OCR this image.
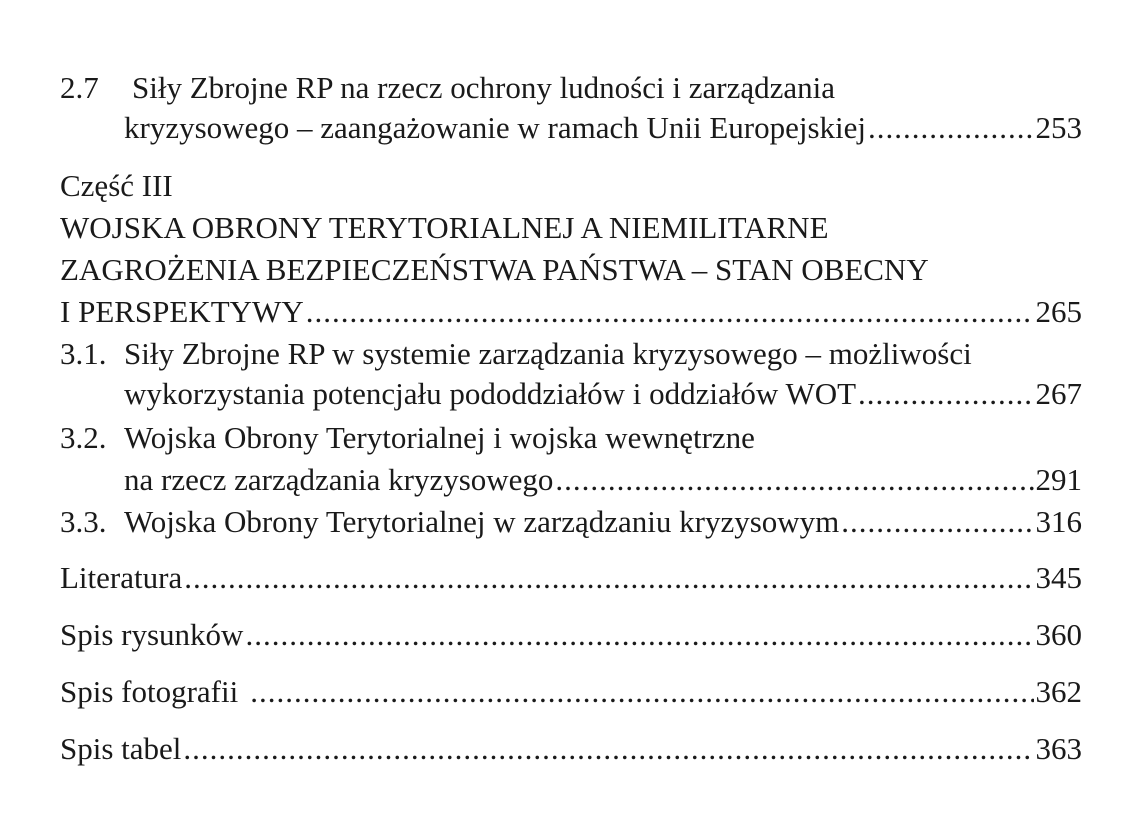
2.7	Siły Zbrojne RP na rzecz ochrony ludności i zarządzania
kryzysowego – zaangażowanie w ramach Unii Europejskiej .....	253
Część III
WOJSKA OBRONY TERYTORIALNEJ A NIEMILITARNE
ZAGROŻENIA BEZPIECZEŃSTWA PAŃSTWA – STAN OBECNY
I PERSPEKTYWY .....	265
3.1. Siły Zbrojne RP w systemie zarządzania kryzysowego – możliwości
wykorzystania potencjału pododdziałów i oddziałów WOT .....	267
3.2. Wojska Obrony Terytorialnej i wojska wewnętrzne
na rzecz zarządzania kryzysowego .....	291
3.3. Wojska Obrony Terytorialnej w zarządzaniu kryzysowym .....	316
Literatura .....	345
Spis rysunków .....	360
Spis fotografii .....	362
Spis tabel .....	363
